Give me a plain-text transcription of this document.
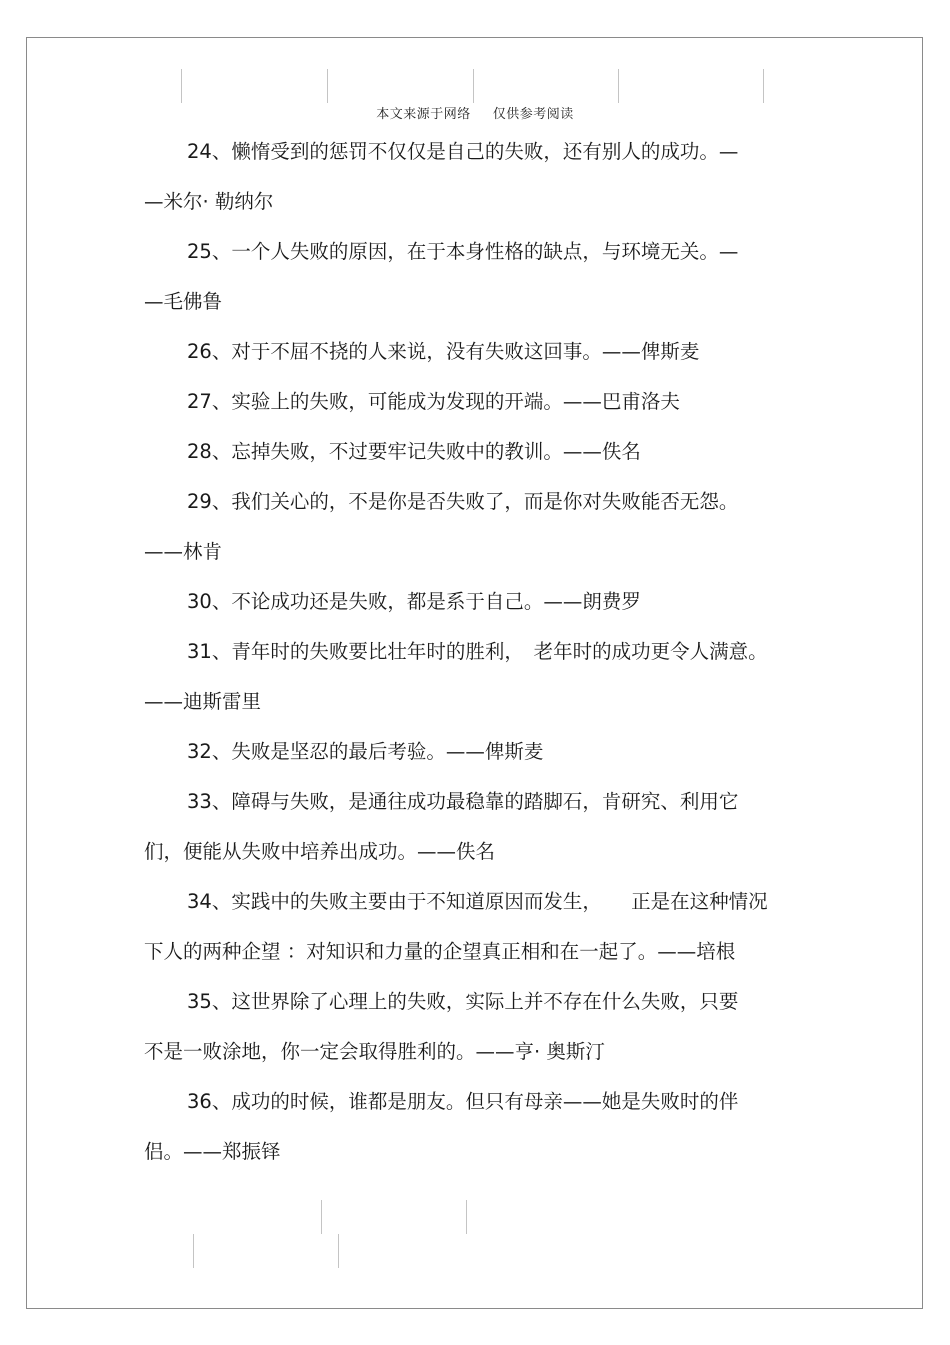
本文来源于网络 仅供参考阅读
24、懒惰受到的惩罚不仅仅是自己的失败，还有别人的成功。—
—米尔· 勒纳尔
25、一个人失败的原因，在于本身性格的缺点，与环境无关。—
—毛佛鲁
26、对于不屈不挠的人来说，没有失败这回事。——俾斯麦
27、实验上的失败，可能成为发现的开端。——巴甫洛夫
28、忘掉失败，不过要牢记失败中的教训。——佚名
29、我们关心的，不是你是否失败了，而是你对失败能否无怨。
——林肯
30、不论成功还是失败，都是系于自己。——朗费罗
31、青年时的失败要比壮年时的胜利，　老年时的成功更令人满意。
——迪斯雷里
32、失败是坚忍的最后考验。——俾斯麦
33、障碍与失败，是通往成功最稳靠的踏脚石，肯研究、利用它
们，便能从失败中培养出成功。——佚名
34、实践中的失败主要由于不知道原因而发生，　　正是在这种情况
下人的两种企望 ：对知识和力量的企望真正相和在一起了。——培根
35、这世界除了心理上的失败，实际上并不存在什么失败，只要
不是一败涂地，你一定会取得胜利的。——亨· 奥斯汀
36、成功的时候，谁都是朋友。但只有母亲——她是失败时的伴
侣。——郑振铎
